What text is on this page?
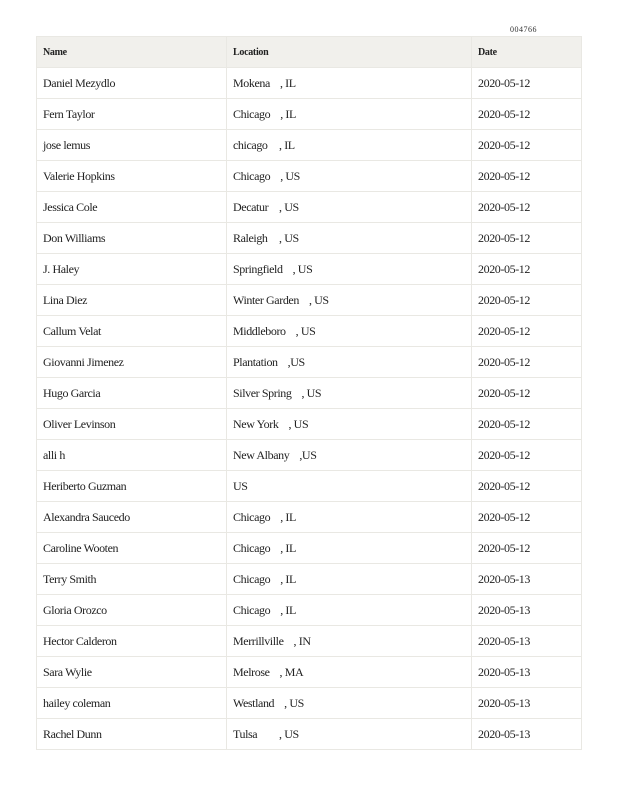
004766
Name	Location	Date
Daniel Mezydlo	Mokena , IL	2020-05-12
Fern Taylor	Chicago , IL	2020-05-12
jose lemus	chicago , IL	2020-05-12
Valerie Hopkins	Chicago , US	2020-05-12
Jessica Cole	Decatur , US	2020-05-12
Don Williams	Raleigh , US	2020-05-12
J. Haley	Springfield , US	2020-05-12
Lina Diez	Winter Garden , US	2020-05-12
Callum Velat	Middleboro , US	2020-05-12
Giovanni Jimenez	Plantation ,US	2020-05-12
Hugo Garcia	Silver Spring , US	2020-05-12
Oliver Levinson	New York , US	2020-05-12
alli h	New Albany ,US	2020-05-12
Heriberto Guzman	US	2020-05-12
Alexandra Saucedo	Chicago , IL	2020-05-12
Caroline Wooten	Chicago , IL	2020-05-12
Terry Smith	Chicago , IL	2020-05-13
Gloria Orozco	Chicago , IL	2020-05-13
Hector Calderon	Merrillville , IN	2020-05-13
Sara Wylie	Melrose , MA	2020-05-13
hailey coleman	Westland , US	2020-05-13
Rachel Dunn	Tulsa , US	2020-05-13
